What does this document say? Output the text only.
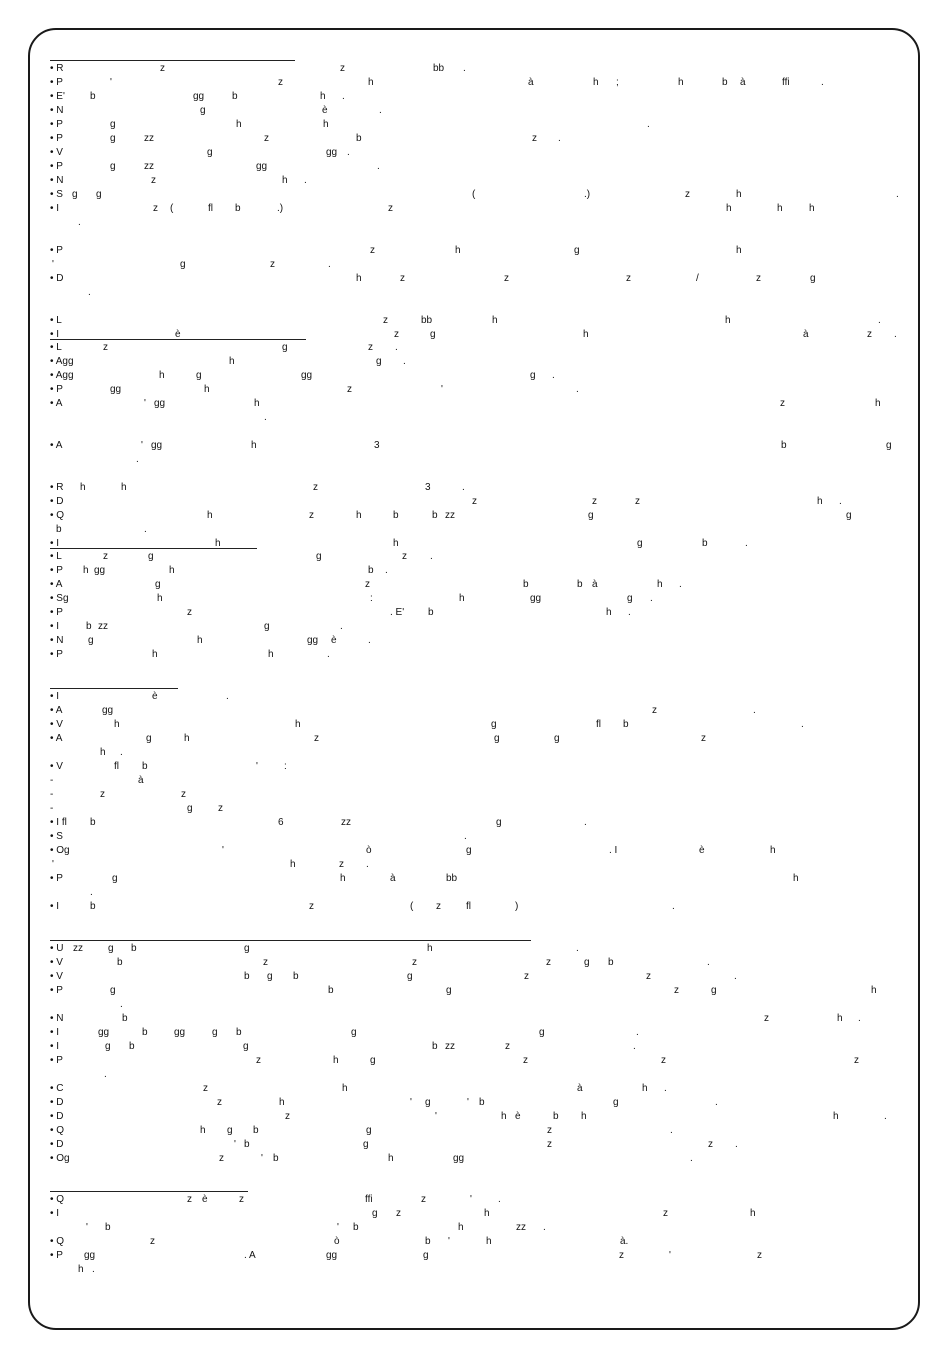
• R	z	z	bb .
• P	'	z	h	à	h ;	h	b à	ffi	.
• E'	b	gg	b	h .
• N	g	è	.
• P	g	h	h	.
• P	g	zz	z	b	z .
• V	g	gg .
• P	g	zz	gg	.
• N	z	h .
• S g g	(	.)	z	h	.
• I	z (	fl b	.)	z	h	h	h
.
• P	z	h	g	h
'	g	z	.
• D	h	z	z	z	/	z	g
.
• L	z	bb	h	h	.
• I	è	z	g	h	à	z .
• L	z	g	z .
• Agg	h	g .
• Agg	h	g	gg	g .
• P	gg	h	z	'	.
• A	' gg	h	z	h
.
• A	' gg	h	3	b	g
.
• R h	h	z	3	.
• D	z	z	z	h .
• Q	h	z	h	b	b zz	g	g
b	.
• I	h	h	g	b	.
• L	z	g	g	z .
• P h gg	h	b .
• A	g	z	b	b à	h .
• Sg	h	:	h	gg	g .
• P	z	. E' b	h .
• I	b zz	g	.
• N g	h	gg è	.
• P	h	h	.
• I	è	.
• A	gg	z	.
• V	h	h	g	fl b	.
• A	g	h	z	g	g	z
h .
• V	fl b	'	:
-	à
-	z	z
-	g	z
• I fl b	6	zz	g	.
• S	.
• Og	'	ò	g	. I	è	h
'	h	z .
• P	g	h	à	bb	h
.
• I	b	z	( z	fl	)	.
• U zz	g b	g	h	.
• V	b	z	z	z	g b	.
• V	b g b	g	z	z	.
• P	g	b	g	z	g	h
.
• N	b	z	h .
• I	gg	b	gg	g b	g	g	.
• I	g b	g	b zz	z	.
• P	z	h	g	z	z	z
.
• C	z	h	à	h .
• D	z	h	' g	' b	g	.
• D	z	'	h è	b h	h	.
• Q	h g b	g	z	.
• D	' b	g	z	z .
• Og	z	' b	h	gg	.
• Q	z è	z	ffi	z	'	.
• I	g z	h	z	h
' b	' b	h	zz .
• Q	z	ò	b '	h	à.
• P gg	. A	gg	g	z	'	z
h .
